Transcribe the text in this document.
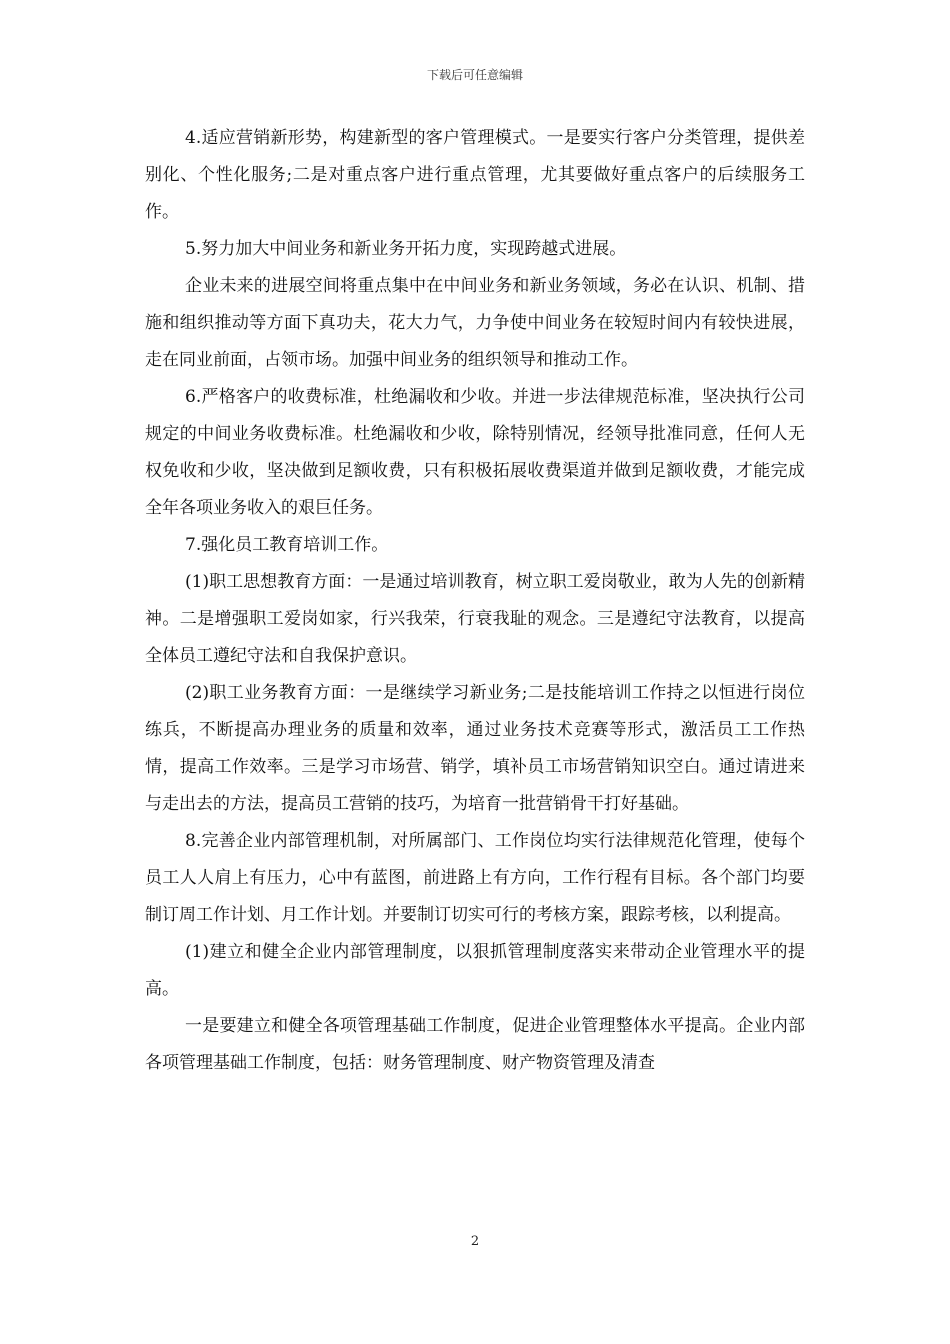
下载后可任意编辑

4.适应营销新形势，构建新型的客户管理模式。一是要实行客户分类管理，提供差别化、个性化服务;二是对重点客户进行重点管理，尤其要做好重点客户的后续服务工作。

5.努力加大中间业务和新业务开拓力度，实现跨越式进展。

企业未来的进展空间将重点集中在中间业务和新业务领域，务必在认识、机制、措施和组织推动等方面下真功夫，花大力气，力争使中间业务在较短时间内有较快进展，走在同业前面，占领市场。加强中间业务的组织领导和推动工作。

6.严格客户的收费标准，杜绝漏收和少收。并进一步法律规范标准，坚决执行公司规定的中间业务收费标准。杜绝漏收和少收，除特别情况，经领导批准同意，任何人无权免收和少收，坚决做到足额收费，只有积极拓展收费渠道并做到足额收费，才能完成全年各项业务收入的艰巨任务。

7.强化员工教育培训工作。

(1)职工思想教育方面：一是通过培训教育，树立职工爱岗敬业，敢为人先的创新精神。二是增强职工爱岗如家，行兴我荣，行衰我耻的观念。三是遵纪守法教育，以提高全体员工遵纪守法和自我保护意识。

(2)职工业务教育方面：一是继续学习新业务;二是技能培训工作持之以恒进行岗位练兵，不断提高办理业务的质量和效率，通过业务技术竞赛等形式，激活员工工作热情，提高工作效率。三是学习市场营、销学，填补员工市场营销知识空白。通过请进来与走出去的方法，提高员工营销的技巧，为培育一批营销骨干打好基础。

8.完善企业内部管理机制，对所属部门、工作岗位均实行法律规范化管理，使每个员工人人肩上有压力，心中有蓝图，前进路上有方向，工作行程有目标。各个部门均要制订周工作计划、月工作计划。并要制订切实可行的考核方案，跟踪考核，以利提高。

(1)建立和健全企业内部管理制度，以狠抓管理制度落实来带动企业管理水平的提高。

一是要建立和健全各项管理基础工作制度，促进企业管理整体水平提高。企业内部各项管理基础工作制度，包括：财务管理制度、财产物资管理及清查

2
